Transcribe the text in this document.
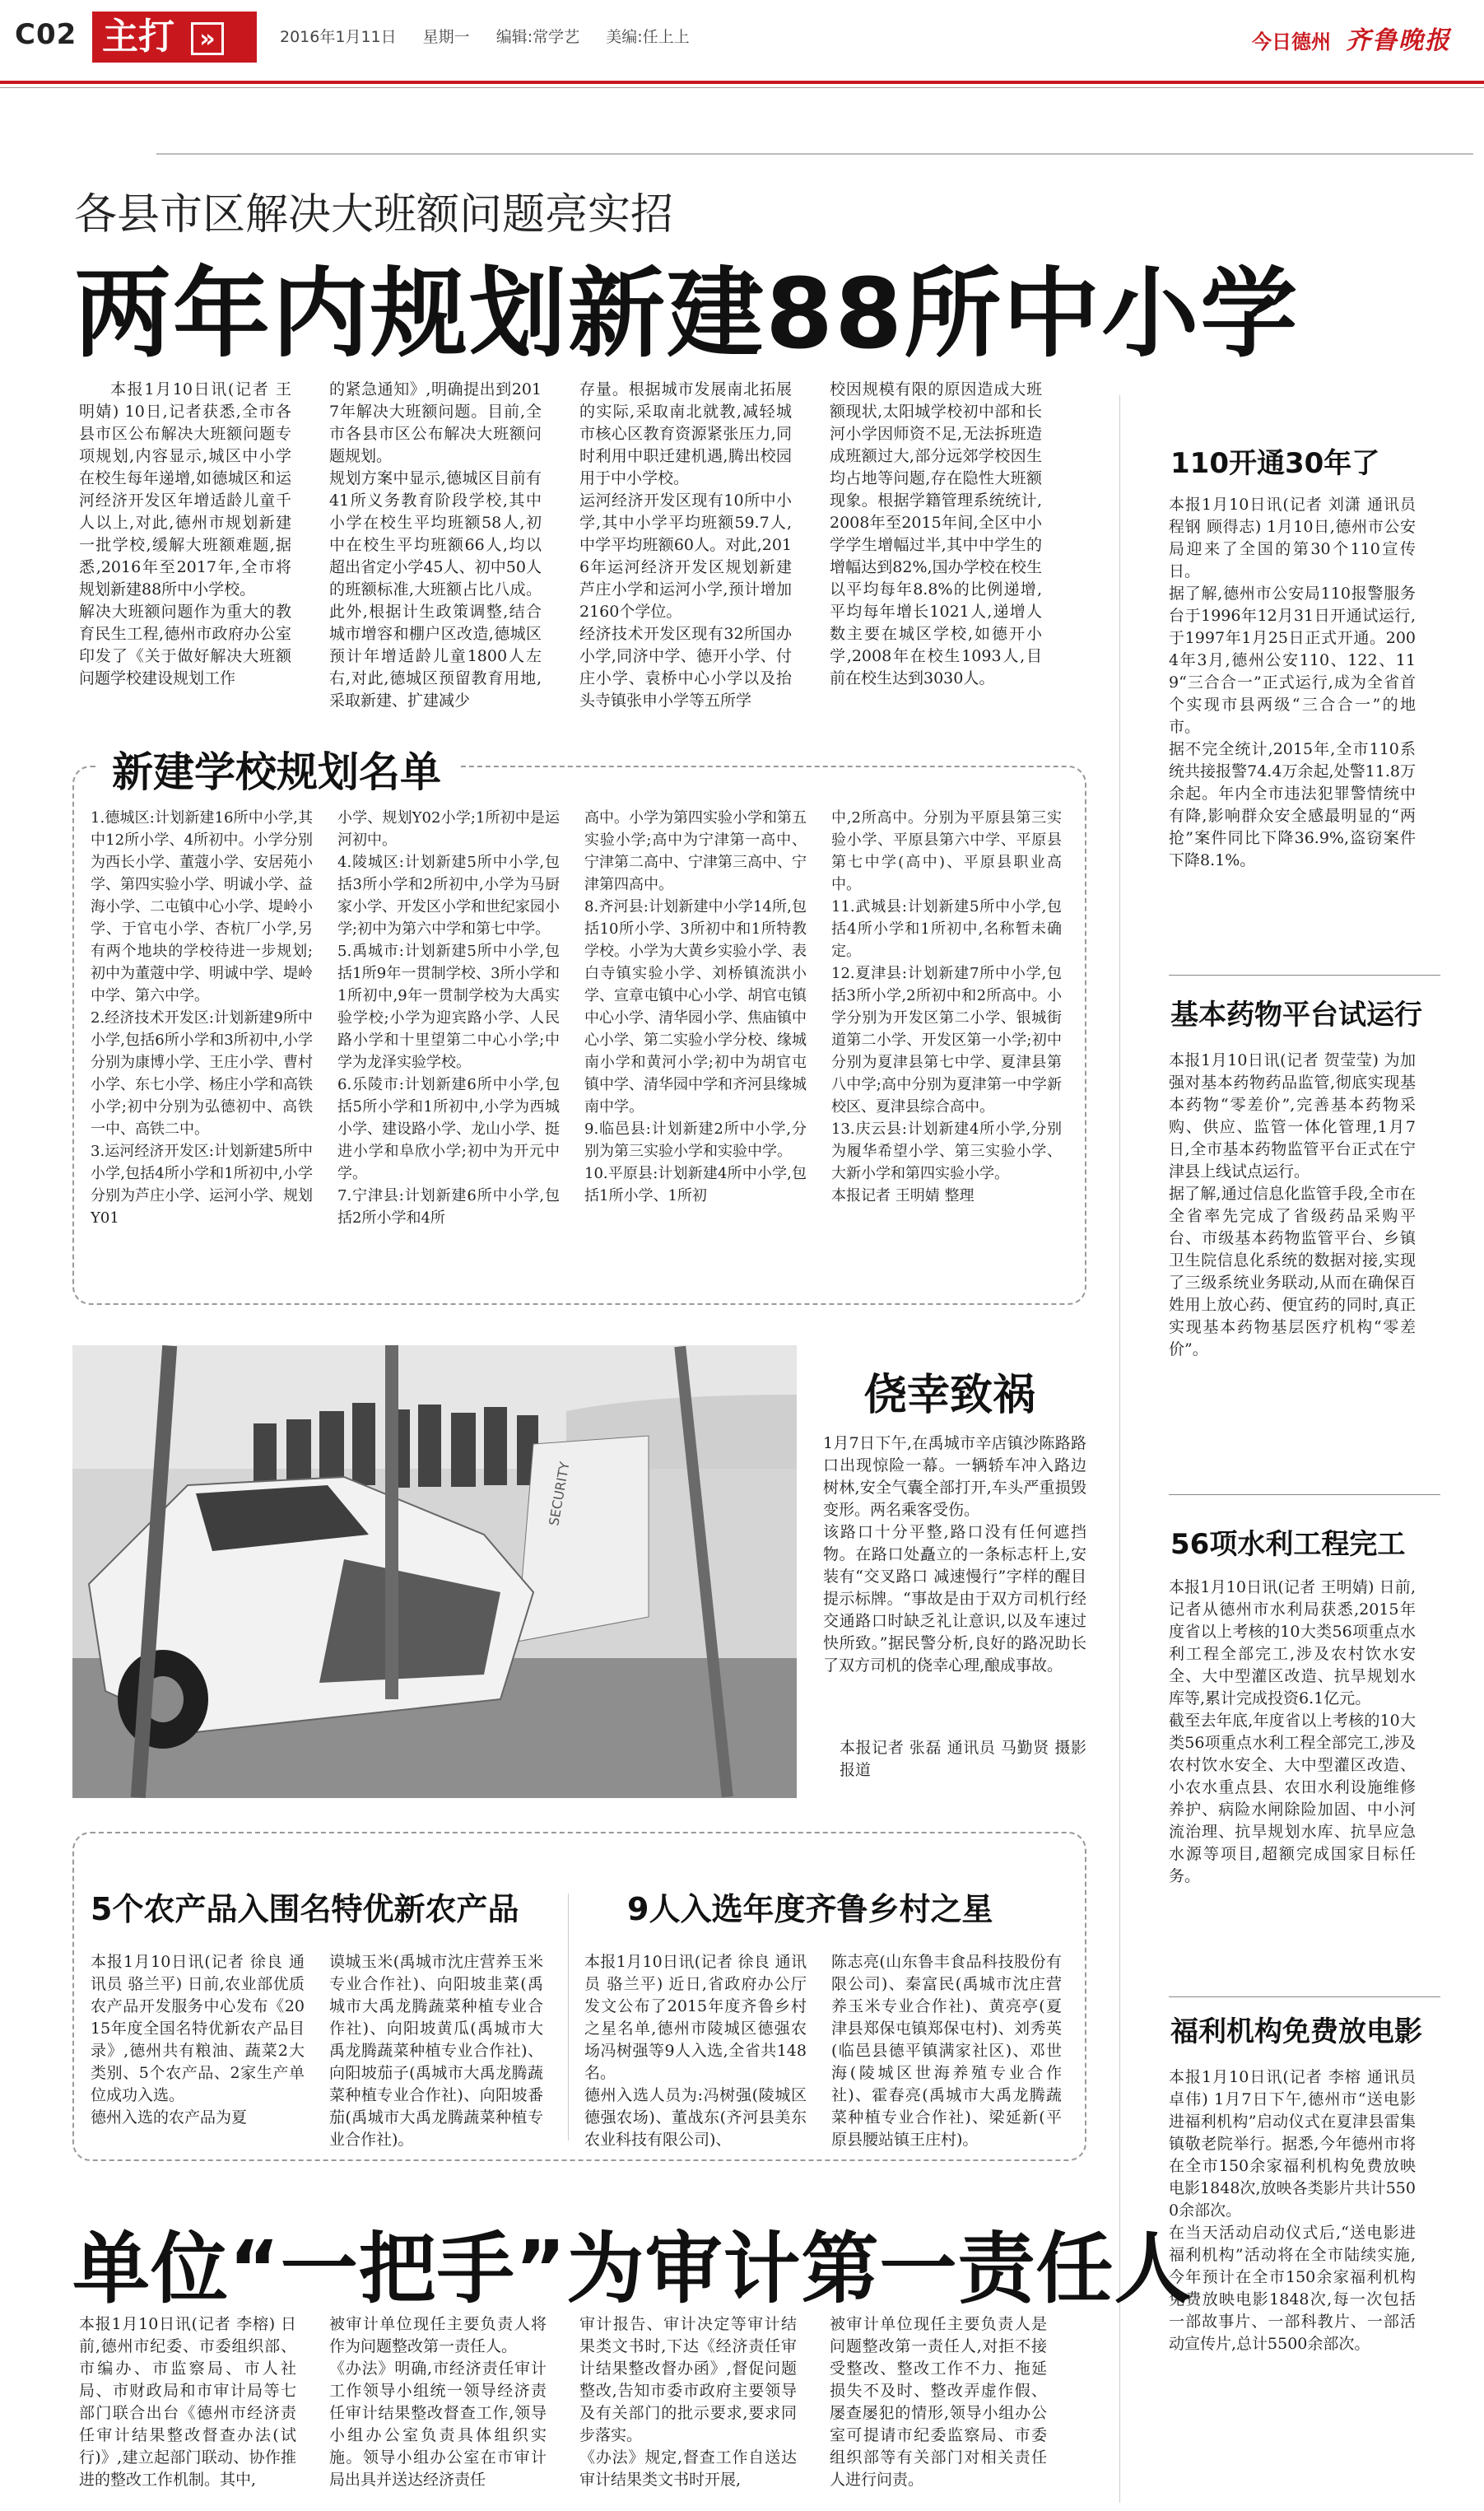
C02 主打 »	2016年1月11日 星期一 编辑:常学艺 美编:任上上	今日德州 齐鲁晚报
各县市区解决大班额问题亮实招
两年内规划新建88所中小学
本报1月10日讯(记者 王明婧) 10日,记者获悉,全市各县市区公布解决大班额问题专项规划,内容显示,城区中小学在校生每年递增,如德城区和运河经济开发区年增适龄儿童千人以上,对此,德州市规划新建一批学校,缓解大班额难题,据悉,2016年至2017年,全市将规划新建88所中小学校。
解决大班额问题作为重大的教育民生工程,德州市政府办公室印发了《关于做好解决大班额问题学校建设规划工作
的紧急通知》,明确提出到2017年解决大班额问题。目前,全市各县市区公布解决大班额问题规划。
规划方案中显示,德城区目前有41所义务教育阶段学校,其中小学在校生平均班额58人,初中在校生平均班额66人,均以超出省定小学45人、初中50人的班额标准,大班额占比八成。此外,根据计生政策调整,结合城市增容和棚户区改造,德城区预计年增适龄儿童1800人左右,对此,德城区预留教育用地,采取新建、扩建减少
存量。根据城市发展南北拓展的实际,采取南北就教,减轻城市核心区教育资源紧张压力,同时利用中职迁建机遇,腾出校园用于中小学校。
运河经济开发区现有10所中小学,其中小学平均班额59.7人,中学平均班额60人。对此,2016年运河经济开发区规划新建芦庄小学和运河小学,预计增加2160个学位。
经济技术开发区现有32所国办小学,同济中学、德开小学、付庄小学、袁桥中心小学以及抬头寺镇张申小学等五所学
校因规模有限的原因造成大班额现状,太阳城学校初中部和长河小学因师资不足,无法拆班造成班额过大,部分远郊学校因生均占地等问题,存在隐性大班额现象。根据学籍管理系统统计,2008年至2015年间,全区中小学学生增幅过半,其中中学生的增幅达到82%,国办学校在校生以平均每年8.8%的比例递增,平均每年增长1021人,递增人数主要在城区学校,如德开小学,2008年在校生1093人,目前在校生达到3030人。
新建学校规划名单
1.德城区:计划新建16所中小学,其中12所小学、4所初中。小学分别为西长小学、董蔻小学、安居苑小学、第四实验小学、明诚小学、益海小学、二屯镇中心小学、堤岭小学、于官屯小学、杏杭厂小学,另有两个地块的学校待进一步规划;初中为董蔻中学、明诚中学、堤岭中学、第六中学。
2.经济技术开发区:计划新建9所中小学,包括6所小学和3所初中,小学分别为康博小学、王庄小学、曹村小学、东七小学、杨庄小学和高铁小学;初中分别为弘德初中、高铁一中、高铁二中。
3.运河经济开发区:计划新建5所中小学,包括4所小学和1所初中,小学分别为芦庄小学、运河小学、规划Y01
小学、规划Y02小学;1所初中是运河初中。
4.陵城区:计划新建5所中小学,包括3所小学和2所初中,小学为马厨家小学、开发区小学和世纪家园小学;初中为第六中学和第七中学。
5.禹城市:计划新建5所中小学,包括1所9年一贯制学校、3所小学和1所初中,9年一贯制学校为大禹实验学校;小学为迎宾路小学、人民路小学和十里望第二中心小学;中学为龙泽实验学校。
6.乐陵市:计划新建6所中小学,包括5所小学和1所初中,小学为西城小学、建设路小学、龙山小学、挺进小学和阜欣小学;初中为开元中学。
7.宁津县:计划新建6所中小学,包括2所小学和4所
高中。小学为第四实验小学和第五实验小学;高中为宁津第一高中、宁津第二高中、宁津第三高中、宁津第四高中。
8.齐河县:计划新建中小学14所,包括10所小学、3所初中和1所特教学校。小学为大黄乡实验小学、表白寺镇实验小学、刘桥镇流洪小学、宣章屯镇中心小学、胡官屯镇中心小学、清华园小学、焦庙镇中心小学、第二实验小学分校、缘城南小学和黄河小学;初中为胡官屯镇中学、清华园中学和齐河县缘城南中学。
9.临邑县:计划新建2所中小学,分别为第三实验小学和实验中学。
10.平原县:计划新建4所中小学,包括1所小学、1所初
中,2所高中。分别为平原县第三实验小学、平原县第六中学、平原县第七中学(高中)、平原县职业高中。
11.武城县:计划新建5所中小学,包括4所小学和1所初中,名称暂未确定。
12.夏津县:计划新建7所中小学,包括3所小学,2所初中和2所高中。小学分别为开发区第二小学、银城街道第二小学、开发区第一小学;初中分别为夏津县第七中学、夏津县第八中学;高中分别为夏津第一中学新校区、夏津县综合高中。
13.庆云县:计划新建4所小学,分别为履华希望小学、第三实验小学、大新小学和第四实验小学。
本报记者 王明婧 整理
110开通30年了
本报1月10日讯(记者 刘潇 通讯员 程钢 顾得志) 1月10日,德州市公安局迎来了全国的第30个110宣传日。
据了解,德州市公安局110报警服务台于1996年12月31日开通试运行,于1997年1月25日正式开通。2004年3月,德州公安110、122、119“三合合一”正式运行,成为全省首个实现市县两级“三合合一”的地市。
据不完全统计,2015年,全市110系统共接报警74.4万余起,处警11.8万余起。年内全市违法犯罪警情统中有降,影响群众安全感最明显的“两抢”案件同比下降36.9%,盗窃案件下降8.1%。
基本药物平台试运行
本报1月10日讯(记者 贺莹莹) 为加强对基本药物药品监管,彻底实现基本药物“零差价”,完善基本药物采购、供应、监管一体化管理,1月7日,全市基本药物监管平台正式在宁津县上线试点运行。
据了解,通过信息化监管手段,全市在全省率先完成了省级药品采购平台、市级基本药物监管平台、乡镇卫生院信息化系统的数据对接,实现了三级系统业务联动,从而在确保百姓用上放心药、便宜药的同时,真正实现基本药物基层医疗机构“零差价”。
56项水利工程完工
本报1月10日讯(记者 王明婧) 日前,记者从德州市水利局获悉,2015年度省以上考核的10大类56项重点水利工程全部完工,涉及农村饮水安全、大中型灌区改造、抗旱规划水库等,累计完成投资6.1亿元。
截至去年底,年度省以上考核的10大类56项重点水利工程全部完工,涉及农村饮水安全、大中型灌区改造、小农水重点县、农田水利设施维修养护、病险水闸除险加固、中小河流治理、抗旱规划水库、抗旱应急水源等项目,超额完成国家目标任务。
福利机构免费放电影
本报1月10日讯(记者 李榕 通讯员 卓伟) 1月7日下午,德州市“送电影进福利机构”启动仪式在夏津县雷集镇敬老院举行。据悉,今年德州市将在全市150余家福利机构免费放映电影1848次,放映各类影片共计5500余部次。
在当天活动启动仪式后,“送电影进福利机构”活动将在全市陆续实施,今年预计在全市150余家福利机构免费放映电影1848次,每一次包括一部故事片、一部科教片、一部活动宣传片,总计5500余部次。
SECURITY
侥幸致祸
1月7日下午,在禹城市辛店镇沙陈路路口出现惊险一幕。一辆轿车冲入路边树林,安全气囊全部打开,车头严重损毁变形。两名乘客受伤。
该路口十分平整,路口没有任何遮挡物。在路口处矗立的一条标志杆上,安装有“交叉路口 减速慢行”字样的醒目提示标牌。“事故是由于双方司机行经交通路口时缺乏礼让意识,以及车速过快所致。”据民警分析,良好的路况助长了双方司机的侥幸心理,酿成事故。
本报记者 张磊 通讯员 马勤贤 摄影报道
5个农产品入围名特优新农产品
本报1月10日讯(记者 徐良 通讯员 骆兰平) 日前,农业部优质农产品开发服务中心发布《2015年度全国名特优新农产品目录》,德州共有粮油、蔬菜2大类别、5个农产品、2家生产单位成功入选。
德州入选的农产品为夏
谟城玉米(禹城市沈庄营养玉米专业合作社)、向阳坡韭菜(禹城市大禹龙腾蔬菜种植专业合作社)、向阳坡黄瓜(禹城市大禹龙腾蔬菜种植专业合作社)、向阳坡茄子(禹城市大禹龙腾蔬菜种植专业合作社)、向阳坡番茄(禹城市大禹龙腾蔬菜种植专业合作社)。
9人入选年度齐鲁乡村之星
本报1月10日讯(记者 徐良 通讯员 骆兰平) 近日,省政府办公厅发文公布了2015年度齐鲁乡村之星名单,德州市陵城区德强农场冯树强等9人入选,全省共148名。
德州入选人员为:冯树强(陵城区德强农场)、董战东(齐河县美东农业科技有限公司)、
陈志亮(山东鲁丰食品科技股份有限公司)、秦富民(禹城市沈庄营养玉米专业合作社)、黄亮亭(夏津县郑保屯镇郑保屯村)、刘秀英(临邑县德平镇满家社区)、邓世海(陵城区世海养殖专业合作社)、霍春亮(禹城市大禹龙腾蔬菜种植专业合作社)、梁延新(平原县腰站镇王庄村)。
单位“一把手”为审计第一责任人
本报1月10日讯(记者 李榕) 日前,德州市纪委、市委组织部、市编办、市监察局、市人社局、市财政局和市审计局等七部门联合出台《德州市经济责任审计结果整改督查办法(试行)》,建立起部门联动、协作推进的整改工作机制。其中,
被审计单位现任主要负责人将作为问题整改第一责任人。
《办法》明确,市经济责任审计工作领导小组统一领导经济责任审计结果整改督查工作,领导小组办公室负责具体组织实施。领导小组办公室在市审计局出具并送达经济责任
审计报告、审计决定等审计结果类文书时,下达《经济责任审计结果整改督办函》,督促问题整改,告知市委市政府主要领导及有关部门的批示要求,要求同步落实。
《办法》规定,督查工作自送达审计结果类文书时开展,
被审计单位现任主要负责人是问题整改第一责任人,对拒不接受整改、整改工作不力、拖延损失不及时、整改弄虚作假、屡查屡犯的情形,领导小组办公室可提请市纪委监察局、市委组织部等有关部门对相关责任人进行问责。
